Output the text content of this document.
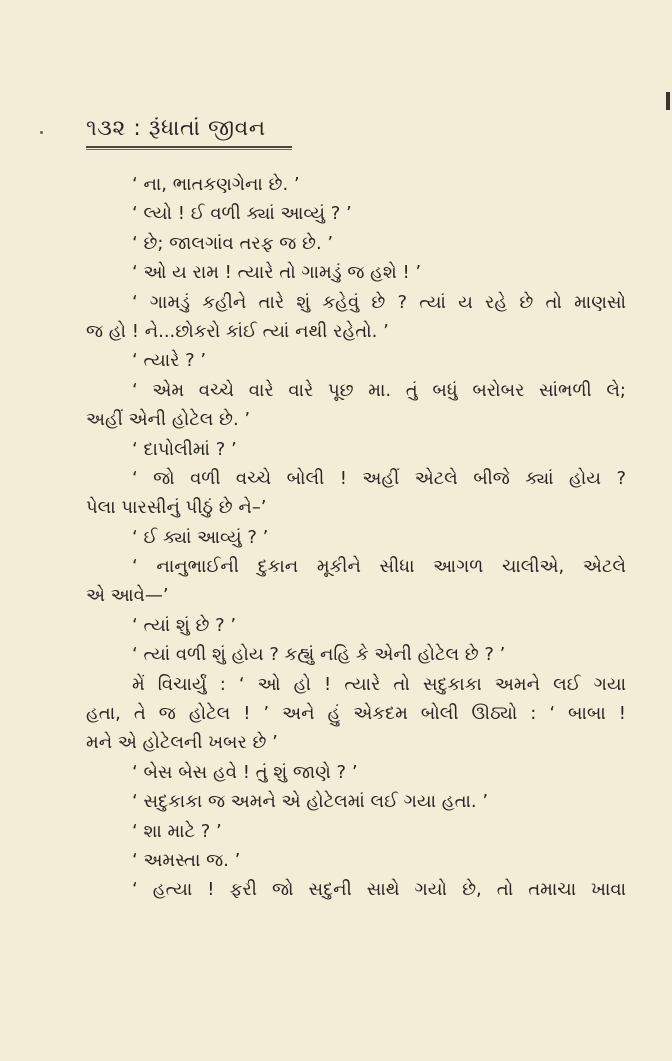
૧૩૨ : રૂંધાતાં જીવન
‘ ના, ભાતકણગેના છે. ’
‘ લ્યો ! ઈ વળી ક્યાં આવ્યું ? ’
‘ છે; જાલગાંવ તરફ જ છે. ’
‘ ઓ ય રામ ! ત્યારે તો ગામડું જ હશે ! ’
‘ ગામડું કહીને તારે શું કહેવું છે ? ત્યાં ય રહે છે તો માણસો
જ હો ! ને...છોકરો કાંઈ ત્યાં નથી રહેતો. ’
‘ ત્યારે ? ’
‘ એમ વચ્ચે વારે વારે પૂછ મા. તું બધું બરોબર સાંભળી લે;
અહીં એની હોટેલ છે. ’
‘ દાપોલીમાં ? ’
‘ જો વળી વચ્ચે બોલી ! અહીં એટલે બીજે ક્યાં હોય ?
પેલા પારસીનું પીઠું છે ને–’
‘ ઈ ક્યાં આવ્યું ? ’
‘ નાનુભાઈની દુકાન મૂકીને સીધા આગળ ચાલીએ, એટલે
એ આવે—’
‘ ત્યાં શું છે ? ’
‘ ત્યાં વળી શું હોય ? કહ્યું નહિ કે એની હોટેલ છે ? ’
મેં વિચાર્યું : ‘ ઓ હો ! ત્યારે તો સદુકાકા અમને લઈ ગયા
હતા, તે જ હોટેલ ! ’ અને હું એકદમ બોલી ઊઠ્યો : ‘ બાબા !
મને એ હોટેલની ખબર છે ’
‘ બેસ બેસ હવે ! તું શું જાણે ? ’
‘ સદુકાકા જ અમને એ હોટેલમાં લઈ ગયા હતા. ’
‘ શા માટે ? ’
‘ અમસ્તા જ. ’
‘ હત્યા ! ફરી જો સદુની સાથે ગયો છે, તો તમાચા ખાવા
